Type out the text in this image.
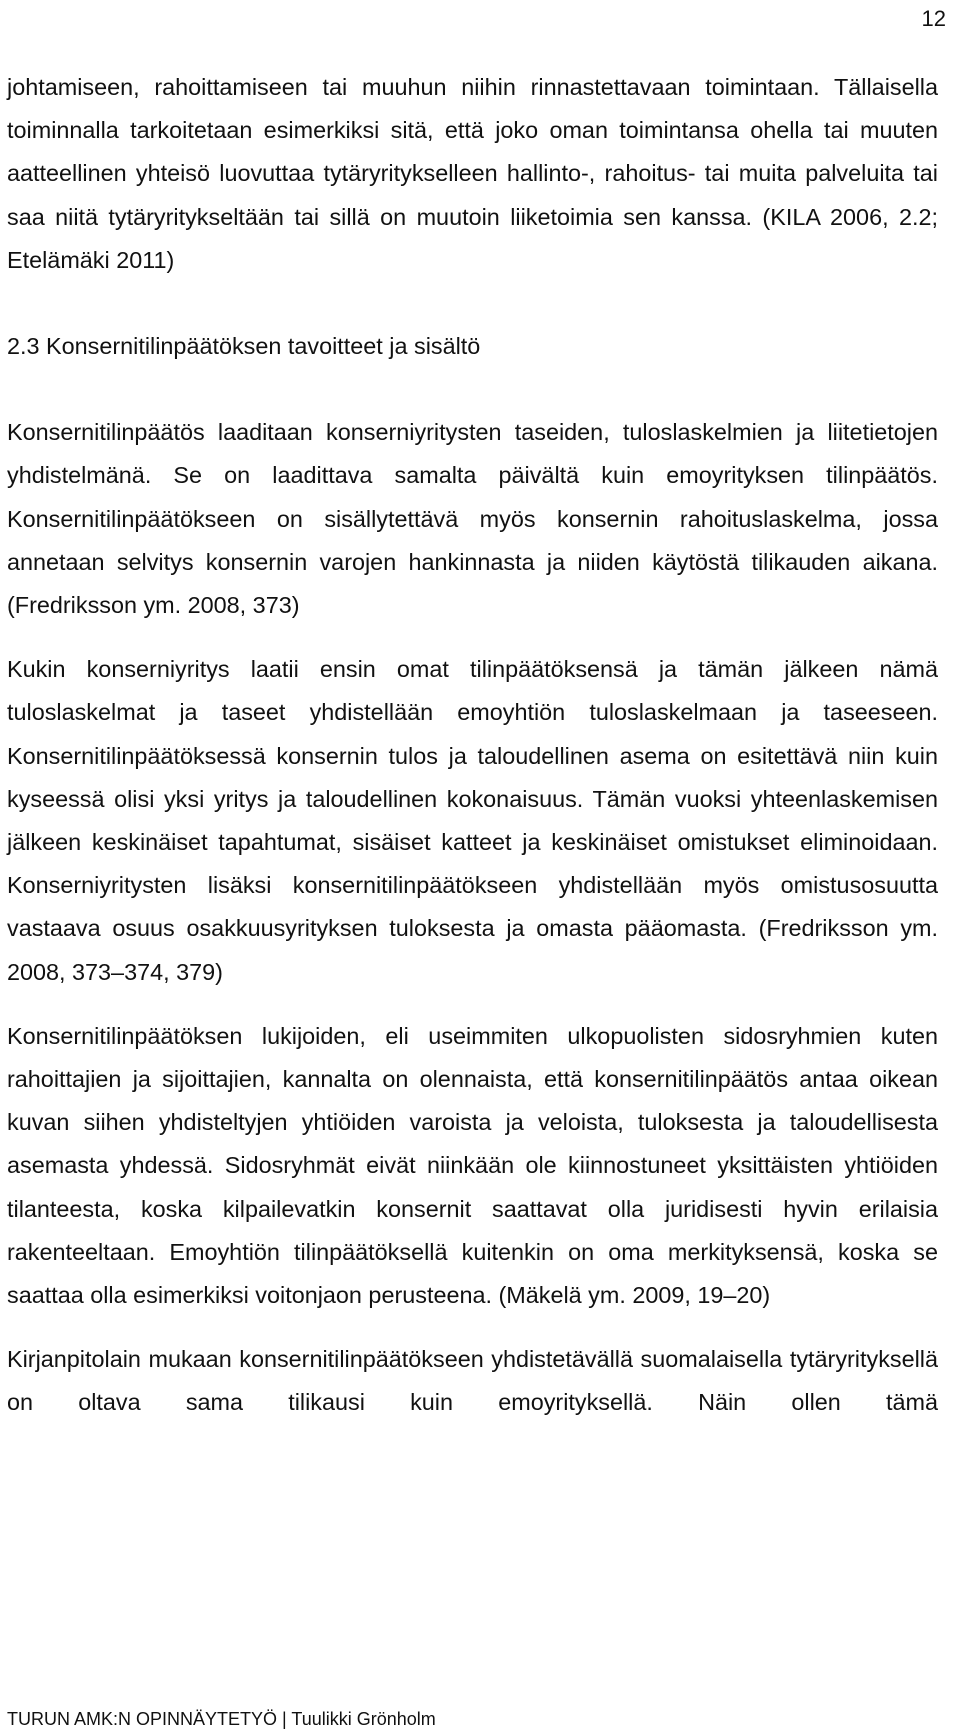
12

johtamiseen, rahoittamiseen tai muuhun niihin rinnastettavaan toimintaan. Tällaisella toiminnalla tarkoitetaan esimerkiksi sitä, että joko oman toimintansa ohella tai muuten aatteellinen yhteisö luovuttaa tytäryritykselleen hallinto-, rahoitus- tai muita palveluita tai saa niitä tytäryritykseltään tai sillä on muutoin liiketoimia sen kanssa. (KILA 2006, 2.2; Etelämäki 2011)

2.3 Konsernitilinpäätöksen tavoitteet ja sisältö

Konsernitilinpäätös laaditaan konserniyritysten taseiden, tuloslaskelmien ja liitetietojen yhdistelmänä. Se on laadittava samalta päivältä kuin emoyrityksen tilinpäätös. Konsernitilinpäätökseen on sisällytettävä myös konsernin rahoituslaskelma, jossa annetaan selvitys konsernin varojen hankinnasta ja niiden käytöstä tilikauden aikana. (Fredriksson ym. 2008, 373)

Kukin konserniyritys laatii ensin omat tilinpäätöksensä ja tämän jälkeen nämä tuloslaskelmat ja taseet yhdistellään emoyhtiön tuloslaskelmaan ja taseeseen. Konsernitilinpäätöksessä konsernin tulos ja taloudellinen asema on esitettävä niin kuin kyseessä olisi yksi yritys ja taloudellinen kokonaisuus. Tämän vuoksi yhteenlaskemisen jälkeen keskinäiset tapahtumat, sisäiset katteet ja keskinäiset omistukset eliminoidaan. Konserniyritysten lisäksi konsernitilinpäätökseen yhdistellään myös omistusosuutta vastaava osuus osakkuusyrityksen tuloksesta ja omasta pääomasta. (Fredriksson ym. 2008, 373–374, 379)

Konsernitilinpäätöksen lukijoiden, eli useimmiten ulkopuolisten sidosryhmien kuten rahoittajien ja sijoittajien, kannalta on olennaista, että konsernitilinpäätös antaa oikean kuvan siihen yhdisteltyjen yhtiöiden varoista ja veloista, tuloksesta ja taloudellisesta asemasta yhdessä. Sidosryhmät eivät niinkään ole kiinnostuneet yksittäisten yhtiöiden tilanteesta, koska kilpailevatkin konsernit saattavat olla juridisesti hyvin erilaisia rakenteeltaan. Emoyhtiön tilinpäätöksellä kuitenkin on oma merkityksensä, koska se saattaa olla esimerkiksi voitonjaon perusteena. (Mäkelä ym. 2009, 19–20)

Kirjanpitolain mukaan konsernitilinpäätökseen yhdistetävällä suomalaisella tytäryrityksellä on oltava sama tilikausi kuin emoyrityksellä. Näin ollen tämä

TURUN AMK:N OPINNÄYTETYÖ | Tuulikki Grönholm
